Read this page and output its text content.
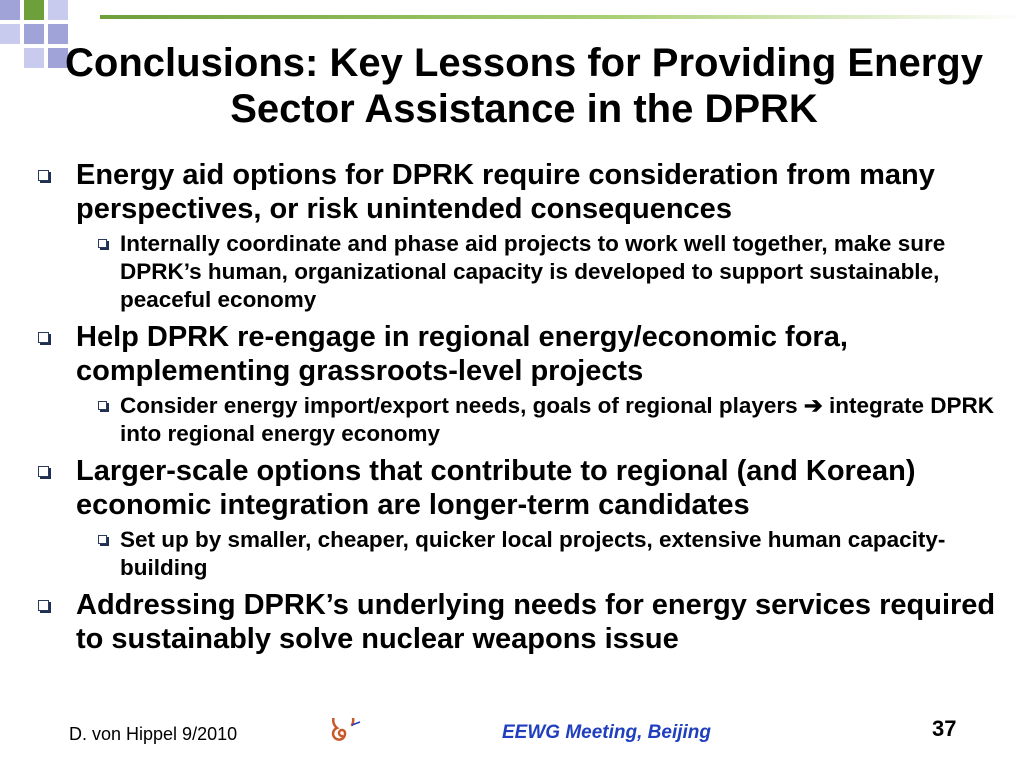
Conclusions: Key Lessons for Providing Energy Sector Assistance in the DPRK
Energy aid options for DPRK require consideration from many perspectives, or risk unintended consequences
Internally coordinate and phase aid projects to work well together, make sure DPRK’s human, organizational capacity is developed to support sustainable, peaceful economy
Help DPRK re-engage in regional energy/economic fora, complementing grassroots-level projects
Consider energy import/export needs, goals of regional players ➔ integrate DPRK into regional energy economy
Larger-scale options that contribute to regional (and Korean) economic integration are longer-term candidates
Set up by smaller, cheaper, quicker local projects, extensive human capacity-building
Addressing DPRK’s underlying needs for energy services required to sustainably solve nuclear weapons issue
D. von Hippel 9/2010	EEWG Meeting, Beijing	37
